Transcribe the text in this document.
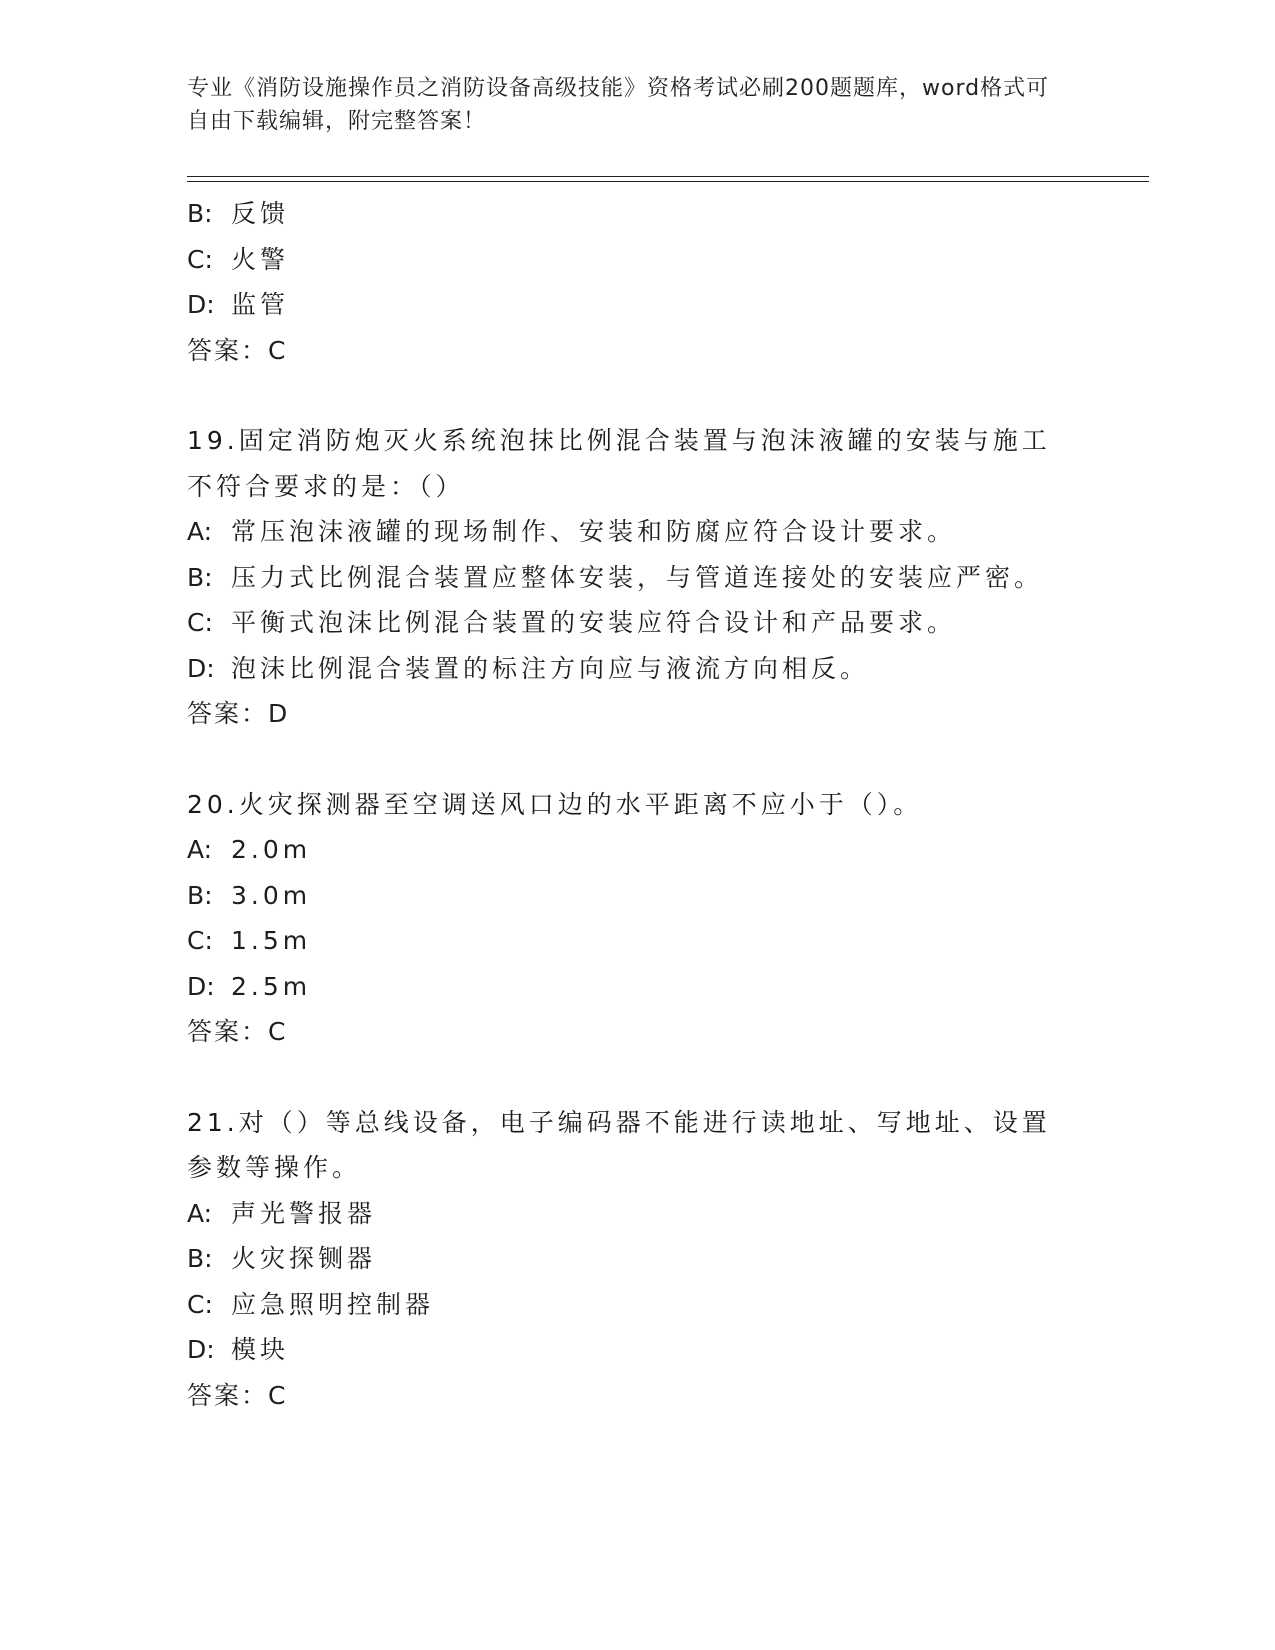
专业《消防设施操作员之消防设备高级技能》资格考试必刷200题题库，word格式可自由下载编辑，附完整答案！
B: 反馈
C: 火警
D: 监管
答案：C
19.固定消防炮灭火系统泡抹比例混合装置与泡沫液罐的安装与施工不符合要求的是：（）
A: 常压泡沫液罐的现场制作、安装和防腐应符合设计要求。
B: 压力式比例混合装置应整体安装，与管道连接处的安装应严密。
C: 平衡式泡沫比例混合装置的安装应符合设计和产品要求。
D: 泡沫比例混合装置的标注方向应与液流方向相反。
答案：D
20.火灾探测器至空调送风口边的水平距离不应小于（）。
A: 2.0m
B: 3.0m
C: 1.5m
D: 2.5m
答案：C
21.对（）等总线设备，电子编码器不能进行读地址、写地址、设置参数等操作。
A: 声光警报器
B: 火灾探铡器
C: 应急照明控制器
D: 模块
答案：C
